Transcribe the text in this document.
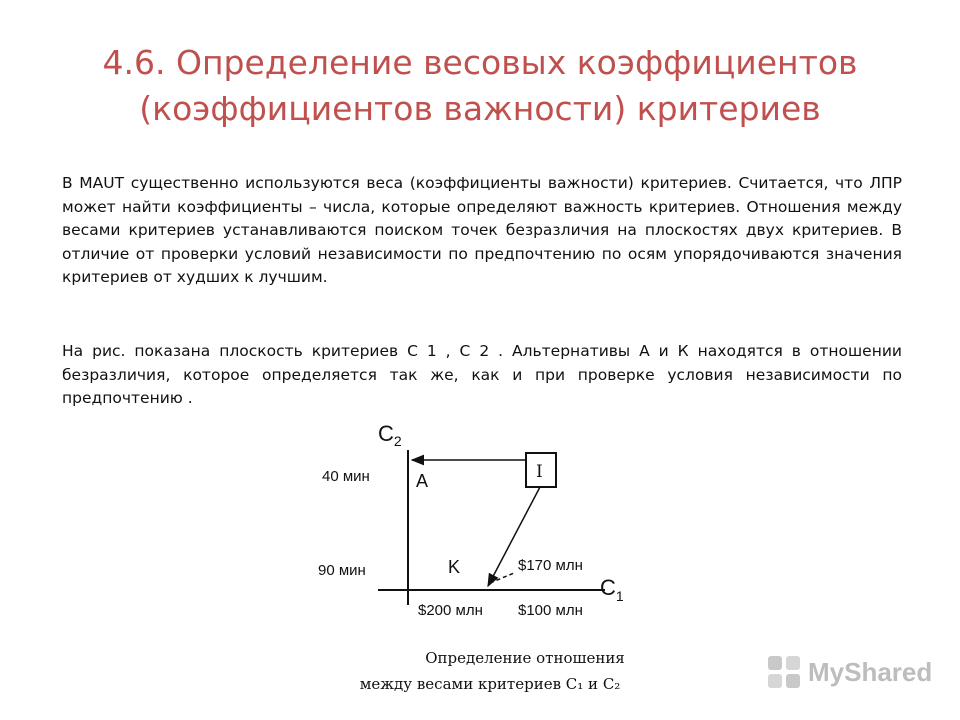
4.6. Определение весовых коэффициентов
(коэффициентов важности) критериев

В MAUT существенно используются веса (коэффициенты важности) критериев. Считается, что ЛПР может найти коэффициенты – числа, которые определяют важность критериев. Отношения между весами критериев устанавливаются поиском точек безразличия на плоскостях двух критериев. В отличие от проверки условий независимости по предпочтению по осям упорядочиваются значения критериев от худших к лучшим.

На рис. показана плоскость критериев С 1 , С 2 . Альтернативы А и К находятся в отношении безразличия, которое определяется так же, как и при проверке условия независимости по предпочтению .

$C_2$
$C_1$
40 мин
90 мин
A
K
I
$170 млн
$200 млн $100 млн
Определение отношения
между весами критериев C₁ и C₂	MyShared
